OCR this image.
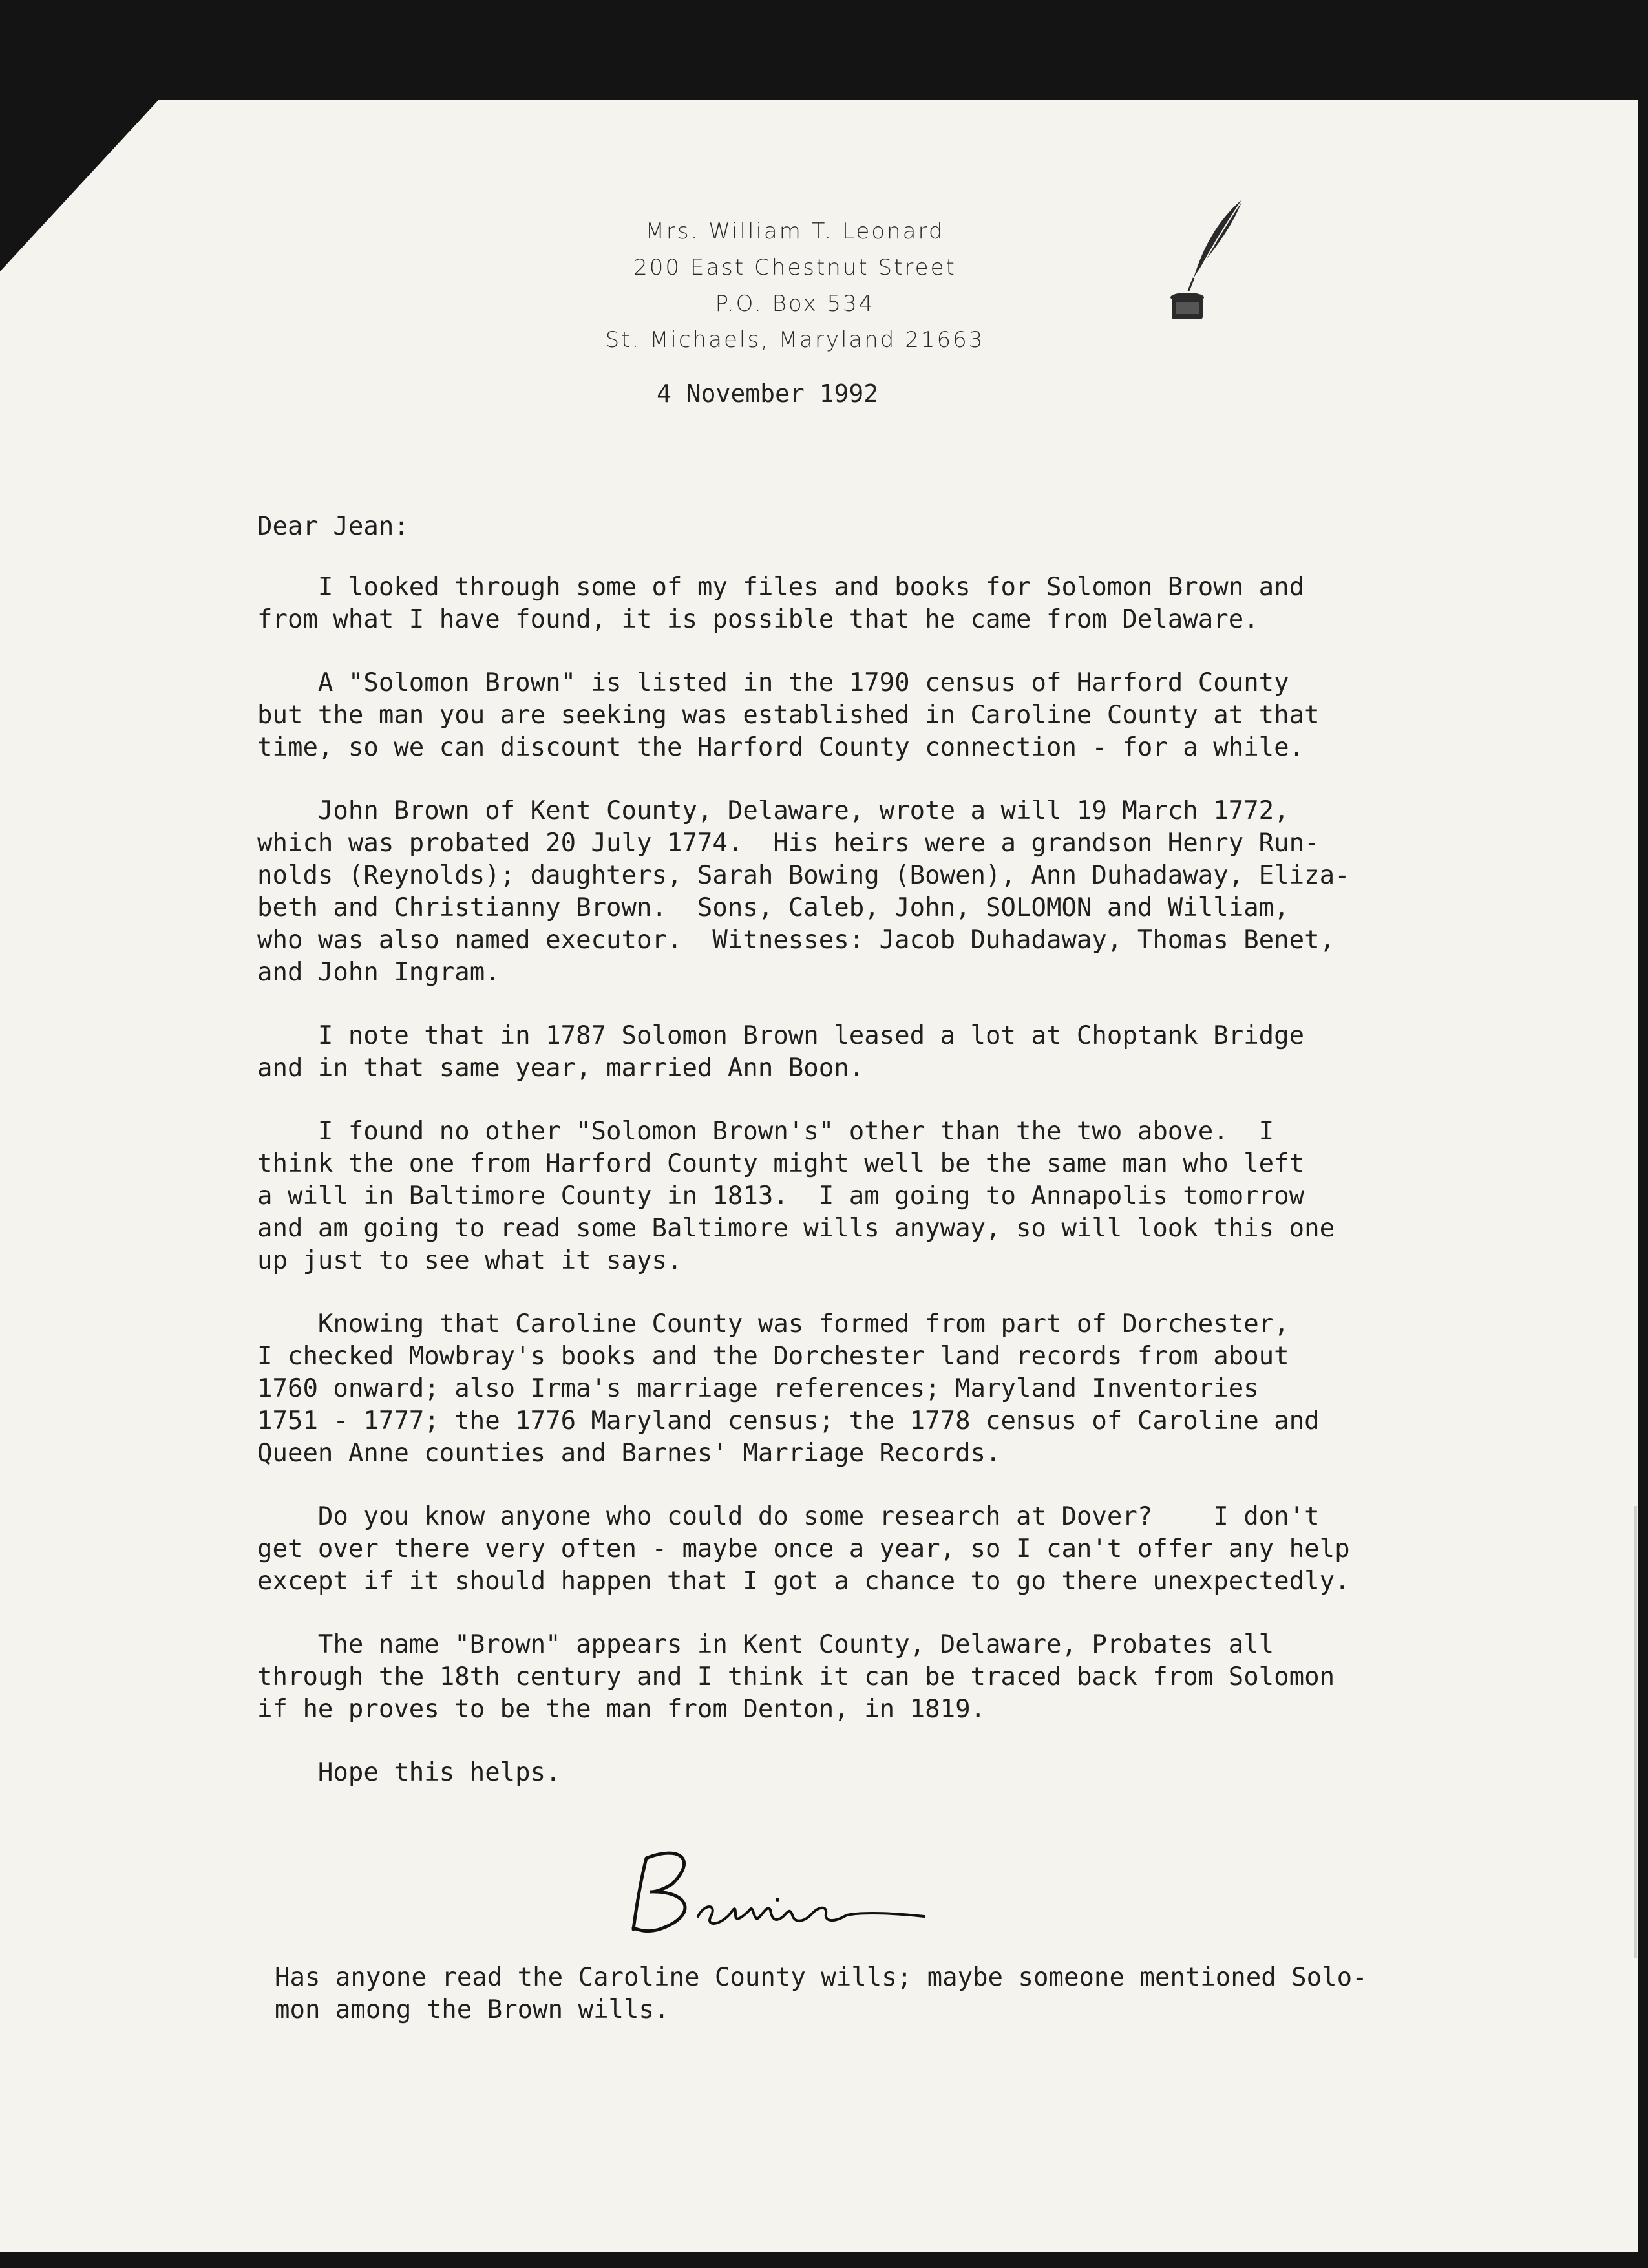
Mrs. William T. Leonard
200 East Chestnut Street
P.O. Box 534
St. Michaels, Maryland 21663
4 November 1992
Dear Jean:
I looked through some of my files and books for Solomon Brown and
from what I have found, it is possible that he came from Delaware.
A "Solomon Brown" is listed in the 1790 census of Harford County
but the man you are seeking was established in Caroline County at that
time, so we can discount the Harford County connection - for a while.
John Brown of Kent County, Delaware, wrote a will 19 March 1772,
which was probated 20 July 1774.  His heirs were a grandson Henry Run-
nolds (Reynolds); daughters, Sarah Bowing (Bowen), Ann Duhadaway, Eliza-
beth and Christianny Brown.  Sons, Caleb, John, SOLOMON and William,
who was also named executor.  Witnesses: Jacob Duhadaway, Thomas Benet,
and John Ingram.
I note that in 1787 Solomon Brown leased a lot at Choptank Bridge
and in that same year, married Ann Boon.
I found no other "Solomon Brown's" other than the two above.  I
think the one from Harford County might well be the same man who left
a will in Baltimore County in 1813.  I am going to Annapolis tomorrow
and am going to read some Baltimore wills anyway, so will look this one
up just to see what it says.
Knowing that Caroline County was formed from part of Dorchester,
I checked Mowbray's books and the Dorchester land records from about
1760 onward; also Irma's marriage references; Maryland Inventories
1751 - 1777; the 1776 Maryland census; the 1778 census of Caroline and
Queen Anne counties and Barnes' Marriage Records.
Do you know anyone who could do some research at Dover?    I don't
get over there very often - maybe once a year, so I can't offer any help
except if it should happen that I got a chance to go there unexpectedly.
The name "Brown" appears in Kent County, Delaware, Probates all
through the 18th century and I think it can be traced back from Solomon
if he proves to be the man from Denton, in 1819.
Hope this helps.
Has anyone read the Caroline County wills; maybe someone mentioned Solo-
mon among the Brown wills.
